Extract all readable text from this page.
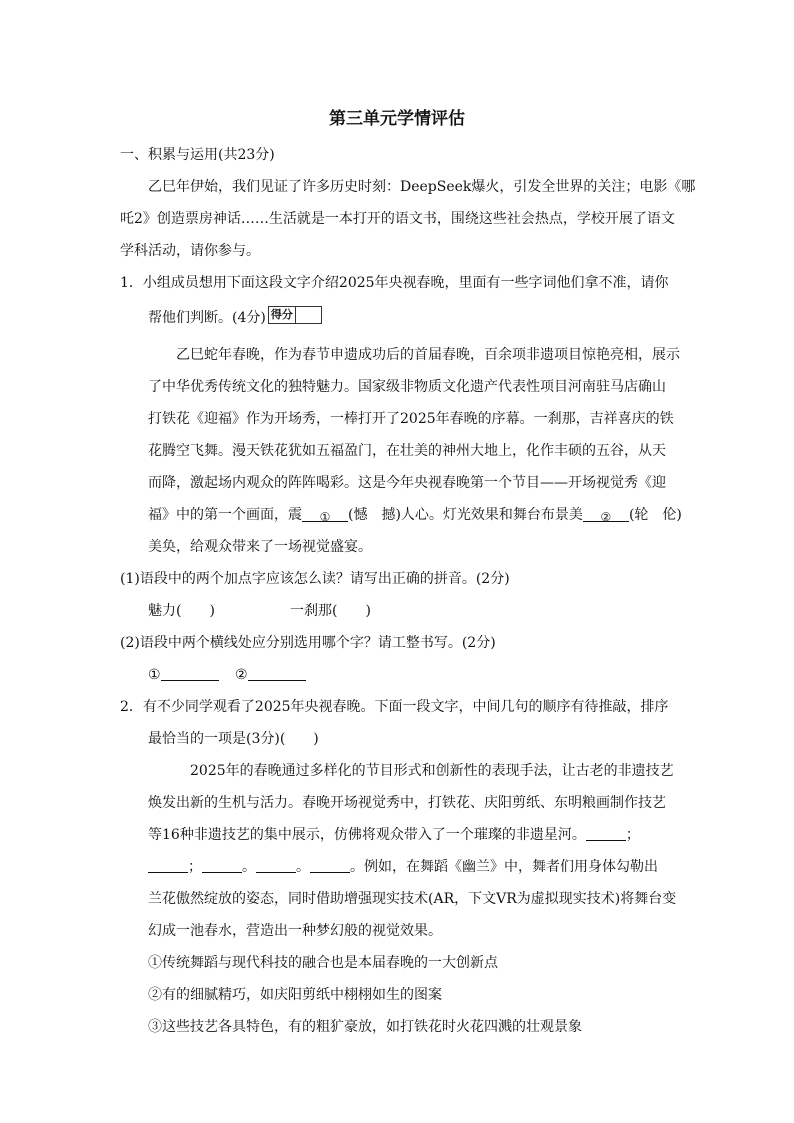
第三单元学情评估
一、积累与运用(共23分)
乙巳年伊始，我们见证了许多历史时刻：DeepSeek爆火，引发全世界的关注；电影《哪
吒2》创造票房神话……生活就是一本打开的语文书，围绕这些社会热点，学校开展了语文
学科活动，请你参与。
1．小组成员想用下面这段文字介绍2025年央视春晚，里面有一些字词他们拿不准，请你
帮他们判断。(4分) 得分
乙巳蛇年春晚，作为春节申遗成功后的首届春晚，百余项非遗项目惊艳亮相，展示
了中华优秀传统文化的独特魅力。国家级非物质文化遗产代表性项目河南驻马店确山
打铁花《迎福》作为开场秀，一棒打开了2025年春晚的序幕。一刹那，吉祥喜庆的铁
花腾空飞舞。漫天铁花犹如五福盈门，在壮美的神州大地上，化作丰硕的五谷，从天
而降，激起场内观众的阵阵喝彩。这是今年央视春晚第一个节目——开场视觉秀《迎
福》中的第一个画面，震 ① (憾　撼)人心。灯光效果和舞台布景美 ② (轮　伦)
美奂，给观众带来了一场视觉盛宴。
(1)语段中的两个加点字应该怎么读？请写出正确的拼音。(2分)
魅力(　　)	一刹那(　　)
(2)语段中两个横线处应分别选用哪个字？请工整书写。(2分)
①	②
2．有不少同学观看了2025年央视春晚。下面一段文字，中间几句的顺序有待推敲，排序
最恰当的一项是(3分)(　　)
2025年的春晚通过多样化的节目形式和创新性的表现手法，让古老的非遗技艺
焕发出新的生机与活力。春晚开场视觉秀中，打铁花、庆阳剪纸、东明粮画制作技艺
等16种非遗技艺的集中展示，仿佛将观众带入了一个璀璨的非遗星河。	；
；	。	。	。例如，在舞蹈《幽兰》中，舞者们用身体勾勒出
兰花傲然绽放的姿态，同时借助增强现实技术(AR，下文VR为虚拟现实技术)将舞台变
幻成一池春水，营造出一种梦幻般的视觉效果。
①传统舞蹈与现代科技的融合也是本届春晚的一大创新点
②有的细腻精巧，如庆阳剪纸中栩栩如生的图案
③这些技艺各具特色，有的粗犷豪放，如打铁花时火花四溅的壮观景象
